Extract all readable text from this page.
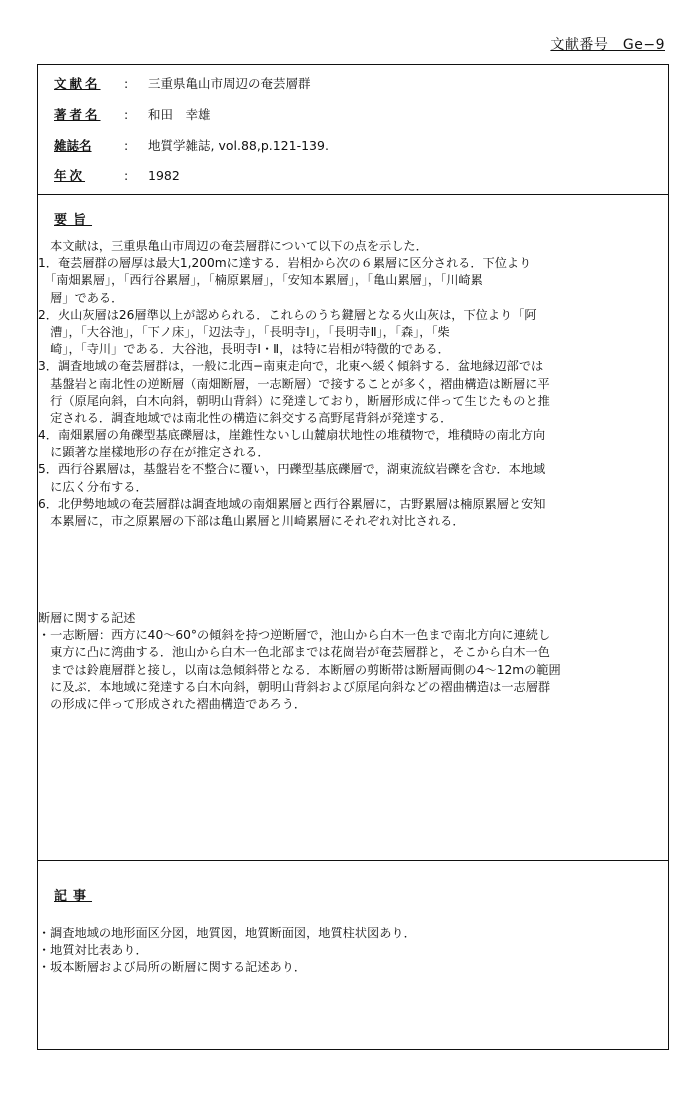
文献番号　Ge−9
文献名	:	三重県亀山市周辺の奄芸層群
著者名	:	和田　幸雄
雑誌名	:	地質学雑誌, vol.88,p.121-139.
年次	:	1982
要旨
　本文献は，三重県亀山市周辺の奄芸層群について以下の点を示した．
1．奄芸層群の層厚は最大1,200mに達する．岩相から次の６累層に区分される．下位より
　「南畑累層」，「西行谷累層」，「楠原累層」，「安知本累層」，「亀山累層」，「川崎累
　層」である．
2．火山灰層は26層準以上が認められる．これらのうち鍵層となる火山灰は，下位より「阿
　漕」，「大谷池」，「下ノ床」，「辺法寺」，「長明寺Ⅰ」，「長明寺Ⅱ」，「森」，「柴
　崎」，「寺川」である．大谷池，長明寺Ⅰ・Ⅱ，は特に岩相が特徴的である．
3．調査地域の奄芸層群は，一般に北西−南東走向で，北東へ緩く傾斜する．盆地縁辺部では
　基盤岩と南北性の逆断層（南畑断層，一志断層）で接することが多く，褶曲構造は断層に平
　行（原尾向斜，白木向斜，朝明山背斜）に発達しており，断層形成に伴って生じたものと推
　定される．調査地域では南北性の構造に斜交する高野尾背斜が発達する．
4．南畑累層の角礫型基底礫層は，崖錐性ないし山麓扇状地性の堆積物で，堆積時の南北方向
　に顕著な崖樣地形の存在が推定される．
5．西行谷累層は，基盤岩を不整合に覆い，円礫型基底礫層で，湖東流紋岩礫を含む．本地域
　に広く分布する．
6．北伊勢地域の奄芸層群は調査地域の南畑累層と西行谷累層に，古野累層は楠原累層と安知
　本累層に，市之原累層の下部は亀山累層と川崎累層にそれぞれ対比される．
断層に関する記述
・一志断層：西方に40〜60°の傾斜を持つ逆断層で，池山から白木一色まで南北方向に連続し
　東方に凸に湾曲する．池山から白木一色北部までは花崗岩が奄芸層群と，そこから白木一色
　までは鈴鹿層群と接し，以南は急傾斜帯となる．本断層の剪断帯は断層両側の4〜12mの範囲
　に及ぶ．本地域に発達する白木向斜，朝明山背斜および原尾向斜などの褶曲構造は一志層群
　の形成に伴って形成された褶曲構造であろう．
記事
・調査地域の地形面区分図，地質図，地質断面図，地質柱状図あり．
・地質対比表あり．
・坂本断層および局所の断層に関する記述あり．
